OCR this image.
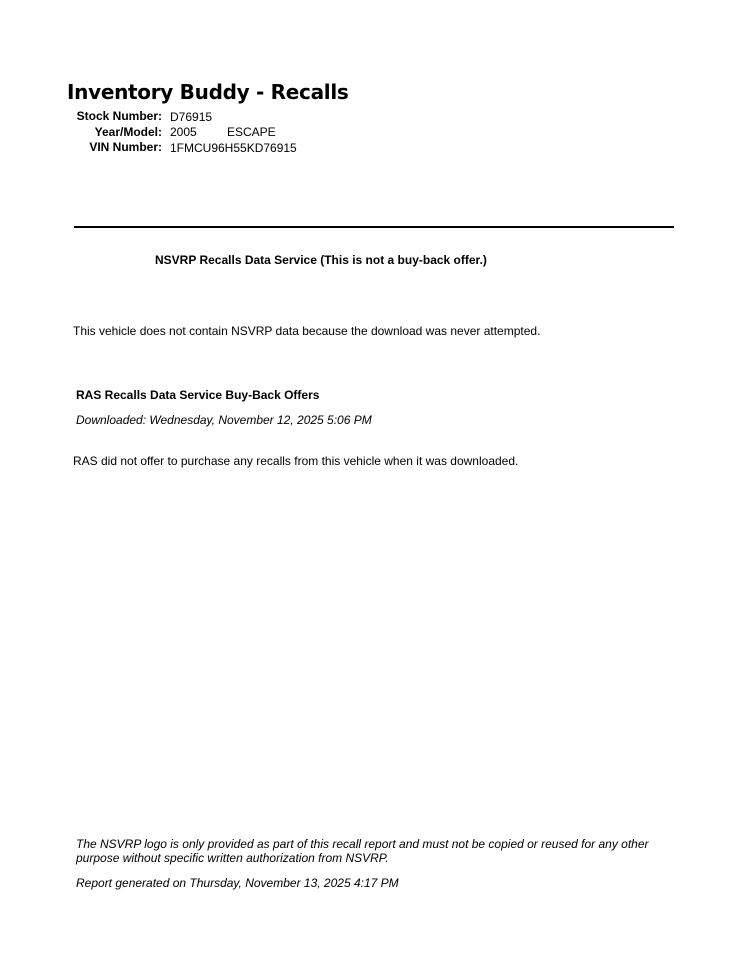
Inventory Buddy - Recalls
Stock Number: D76915
Year/Model: 2005	ESCAPE
VIN Number: 1FMCU96H55KD76915
NSVRP Recalls Data Service (This is not a buy-back offer.)
This vehicle does not contain NSVRP data because the download was never attempted.
RAS Recalls Data Service Buy-Back Offers
Downloaded: Wednesday, November 12, 2025 5:06 PM
RAS did not offer to purchase any recalls from this vehicle when it was downloaded.
The NSVRP logo is only provided as part of this recall report and must not be copied or reused for any other
purpose without specific written authorization from NSVRP.
Report generated on Thursday, November 13, 2025 4:17 PM
